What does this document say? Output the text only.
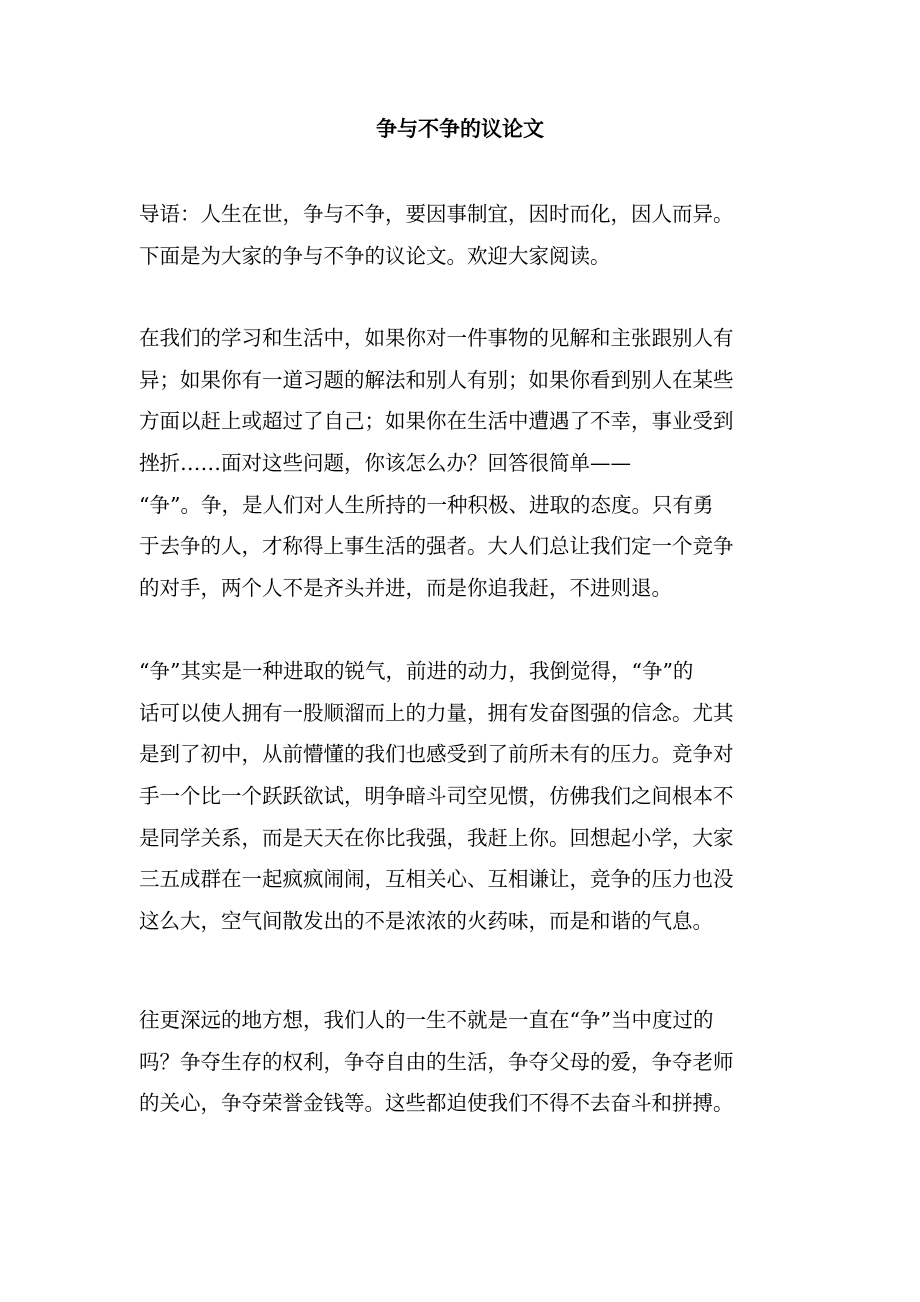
争与不争的议论文
导语：人生在世，争与不争，要因事制宜，因时而化，因人而异。
下面是为大家的争与不争的议论文。欢迎大家阅读。
在我们的学习和生活中，如果你对一件事物的见解和主张跟别人有
异；如果你有一道习题的解法和别人有别；如果你看到别人在某些
方面以赶上或超过了自己；如果你在生活中遭遇了不幸，事业受到
挫折……面对这些问题，你该怎么办？回答很简单——
“争”。争，是人们对人生所持的一种积极、进取的态度。只有勇
于去争的人，才称得上事生活的强者。大人们总让我们定一个竞争
的对手，两个人不是齐头并进，而是你追我赶，不进则退。
“争”其实是一种进取的锐气，前进的动力，我倒觉得，“争”的
话可以使人拥有一股顺溜而上的力量，拥有发奋图强的信念。尤其
是到了初中，从前懵懂的我们也感受到了前所未有的压力。竞争对
手一个比一个跃跃欲试，明争暗斗司空见惯，仿佛我们之间根本不
是同学关系，而是天天在你比我强，我赶上你。回想起小学，大家
三五成群在一起疯疯闹闹，互相关心、互相谦让，竞争的压力也没
这么大，空气间散发出的不是浓浓的火药味，而是和谐的气息。
往更深远的地方想，我们人的一生不就是一直在“争”当中度过的
吗？争夺生存的权利，争夺自由的生活，争夺父母的爱，争夺老师
的关心，争夺荣誉金钱等。这些都迫使我们不得不去奋斗和拼搏。
